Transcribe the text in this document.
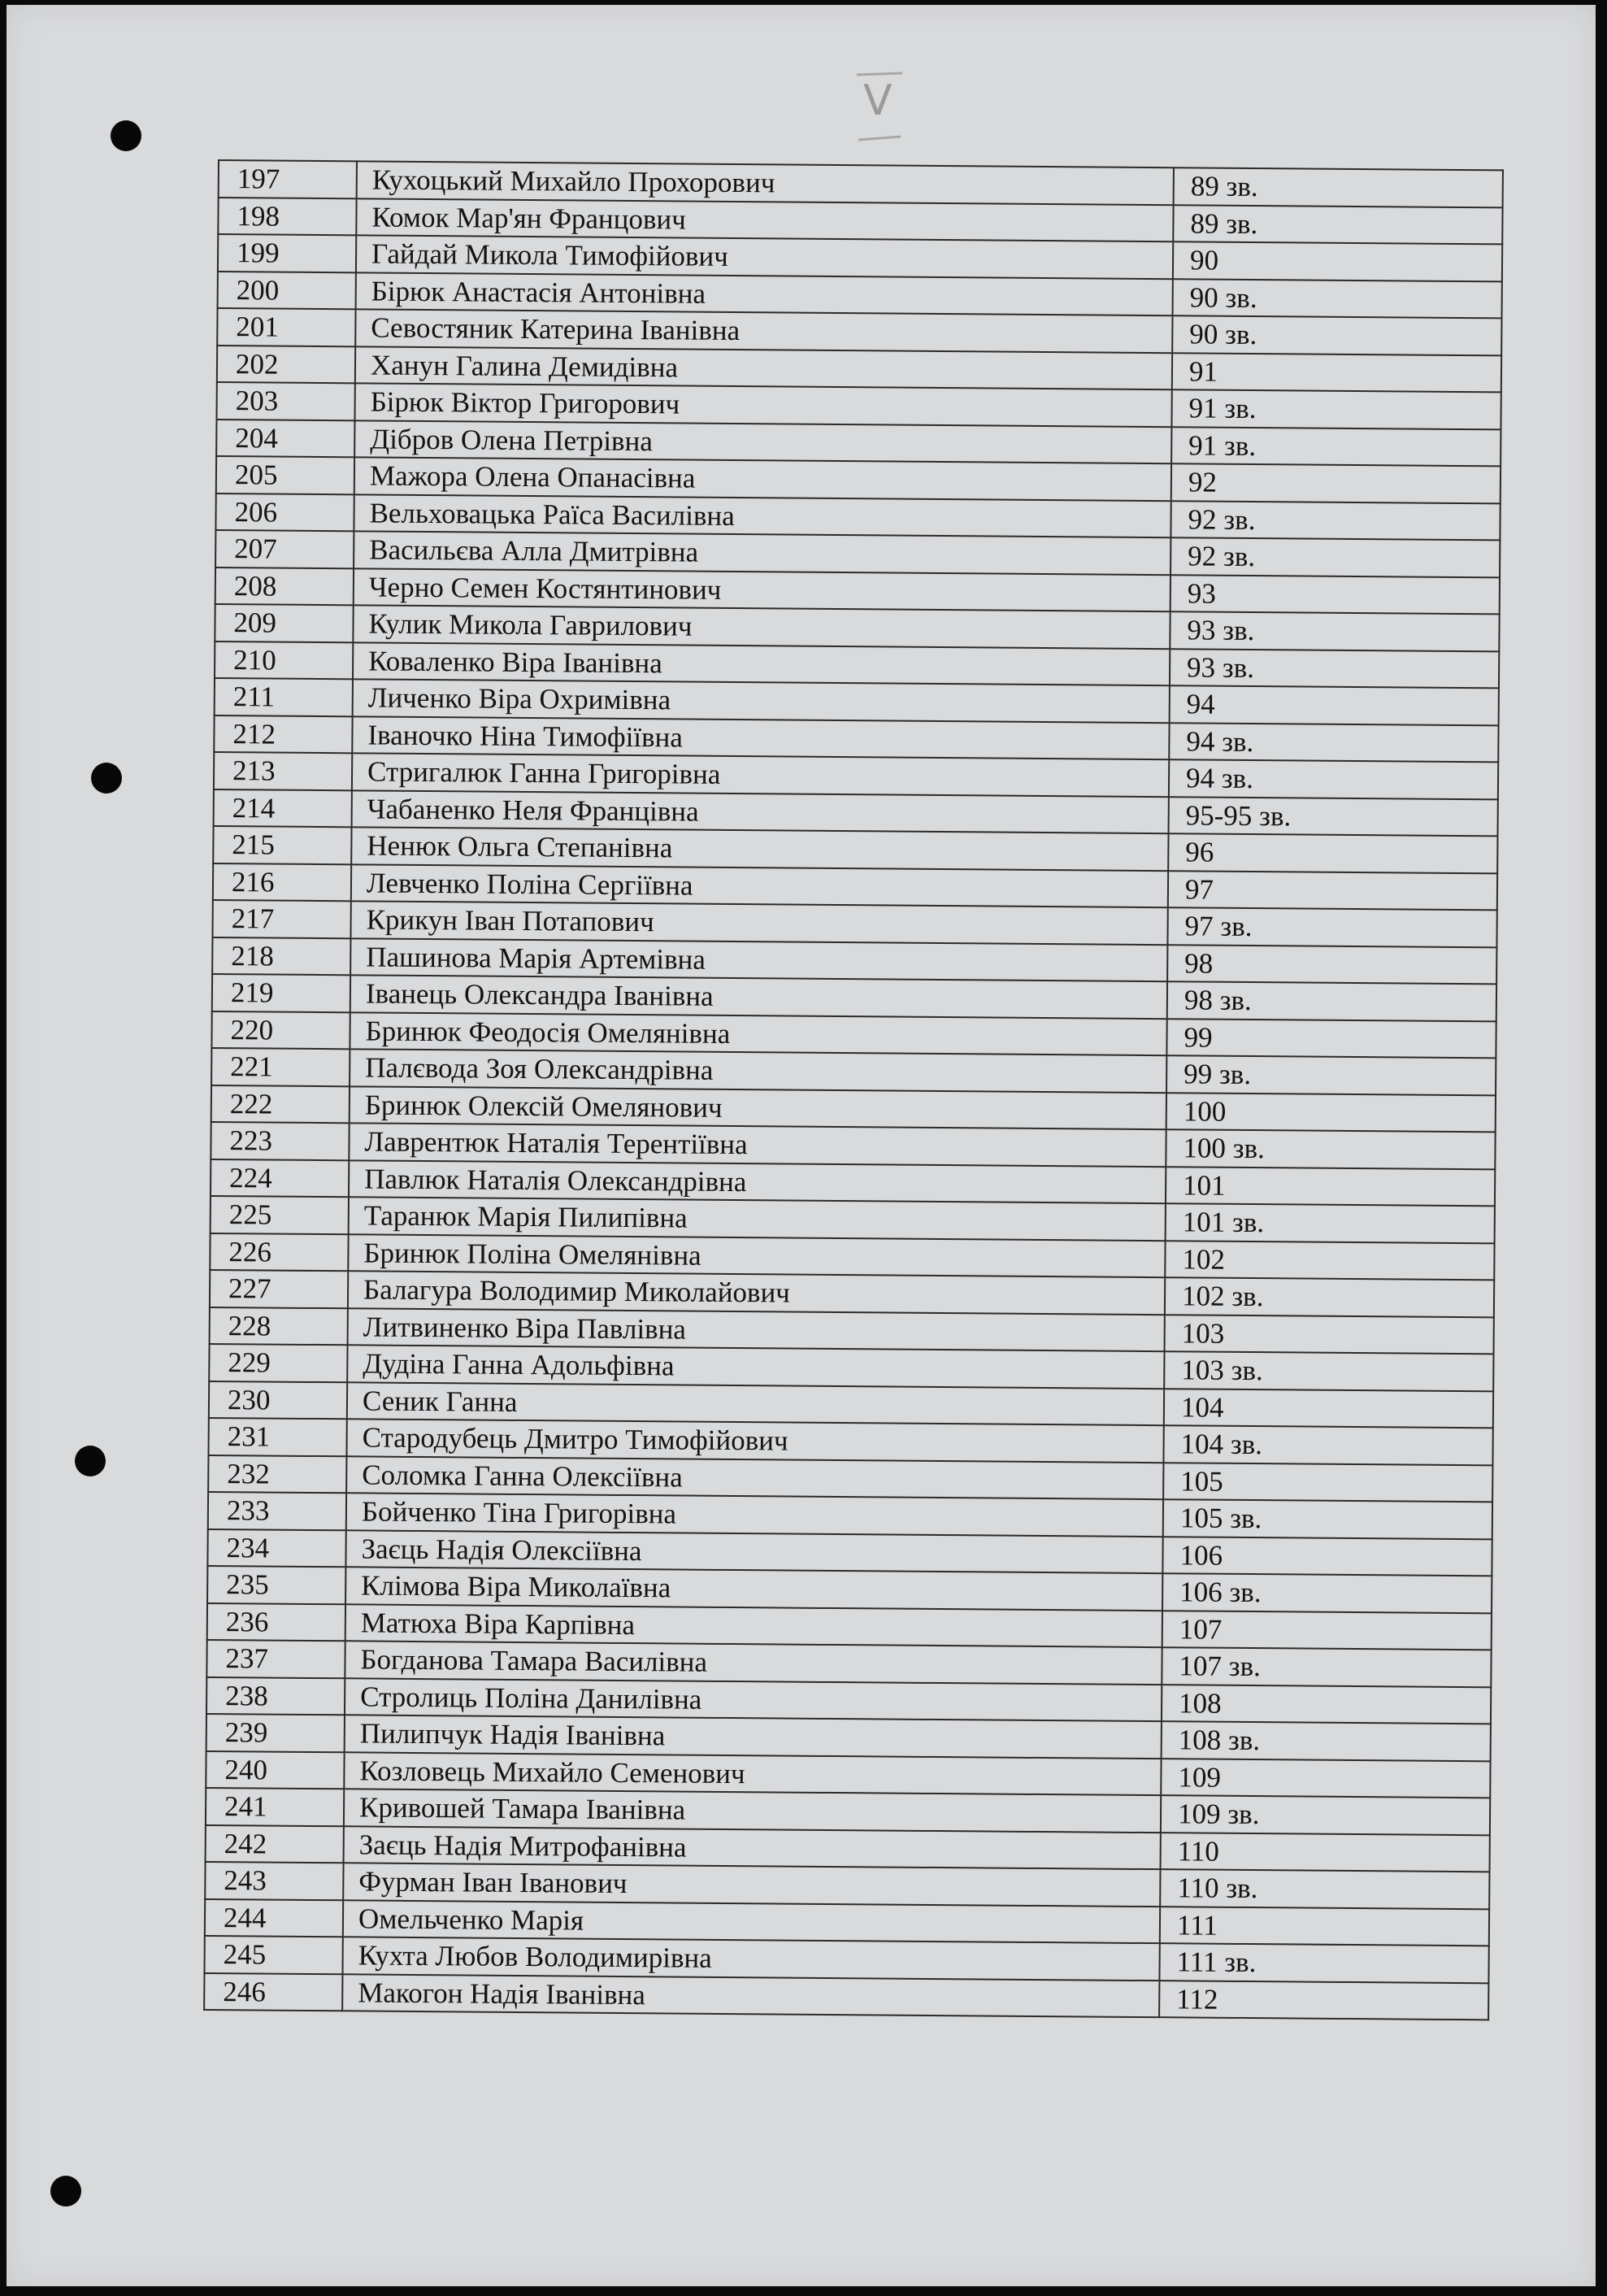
V
197	Кухоцький Михайло Прохорович	89 зв.
198	Комок Мар'ян Францович	89 зв.
199	Гайдай Микола Тимофійович	90
200	Бірюк Анастасія Антонівна	90 зв.
201	Севостяник Катерина Іванівна	90 зв.
202	Ханун Галина Демидівна	91
203	Бірюк Віктор Григорович	91 зв.
204	Дібров Олена Петрівна	91 зв.
205	Мажора Олена Опанасівна	92
206	Вельховацька Раїса Василівна	92 зв.
207	Васильєва Алла Дмитрівна	92 зв.
208	Черно Семен Костянтинович	93
209	Кулик Микола Гаврилович	93 зв.
210	Коваленко Віра Іванівна	93 зв.
211	Личенко Віра Охримівна	94
212	Іваночко Ніна Тимофіївна	94 зв.
213	Стригалюк Ганна Григорівна	94 зв.
214	Чабаненко Неля Францівна	95-95 зв.
215	Ненюк Ольга Степанівна	96
216	Левченко Поліна Сергіївна	97
217	Крикун Іван Потапович	97 зв.
218	Пашинова Марія Артемівна	98
219	Іванець Олександра Іванівна	98 зв.
220	Бринюк Феодосія Омелянівна	99
221	Палєвода Зоя Олександрівна	99 зв.
222	Бринюк Олексій Омелянович	100
223	Лаврентюк Наталія Терентіївна	100 зв.
224	Павлюк Наталія Олександрівна	101
225	Таранюк Марія Пилипівна	101 зв.
226	Бринюк Поліна Омелянівна	102
227	Балагура Володимир Миколайович	102 зв.
228	Литвиненко Віра Павлівна	103
229	Дудіна Ганна Адольфівна	103 зв.
230	Сеник Ганна	104
231	Стародубець Дмитро Тимофійович	104 зв.
232	Соломка Ганна Олексіївна	105
233	Бойченко Тіна Григорівна	105 зв.
234	Заєць Надія Олексіївна	106
235	Клімова Віра Миколаївна	106 зв.
236	Матюха Віра Карпівна	107
237	Богданова Тамара Василівна	107 зв.
238	Стролиць Поліна Данилівна	108
239	Пилипчук Надія Іванівна	108 зв.
240	Козловець Михайло Семенович	109
241	Кривошей Тамара Іванівна	109 зв.
242	Заєць Надія Митрофанівна	110
243	Фурман Іван Іванович	110 зв.
244	Омельченко Марія	111
245	Кухта Любов Володимирівна	111 зв.
246	Макогон Надія Іванівна	112
